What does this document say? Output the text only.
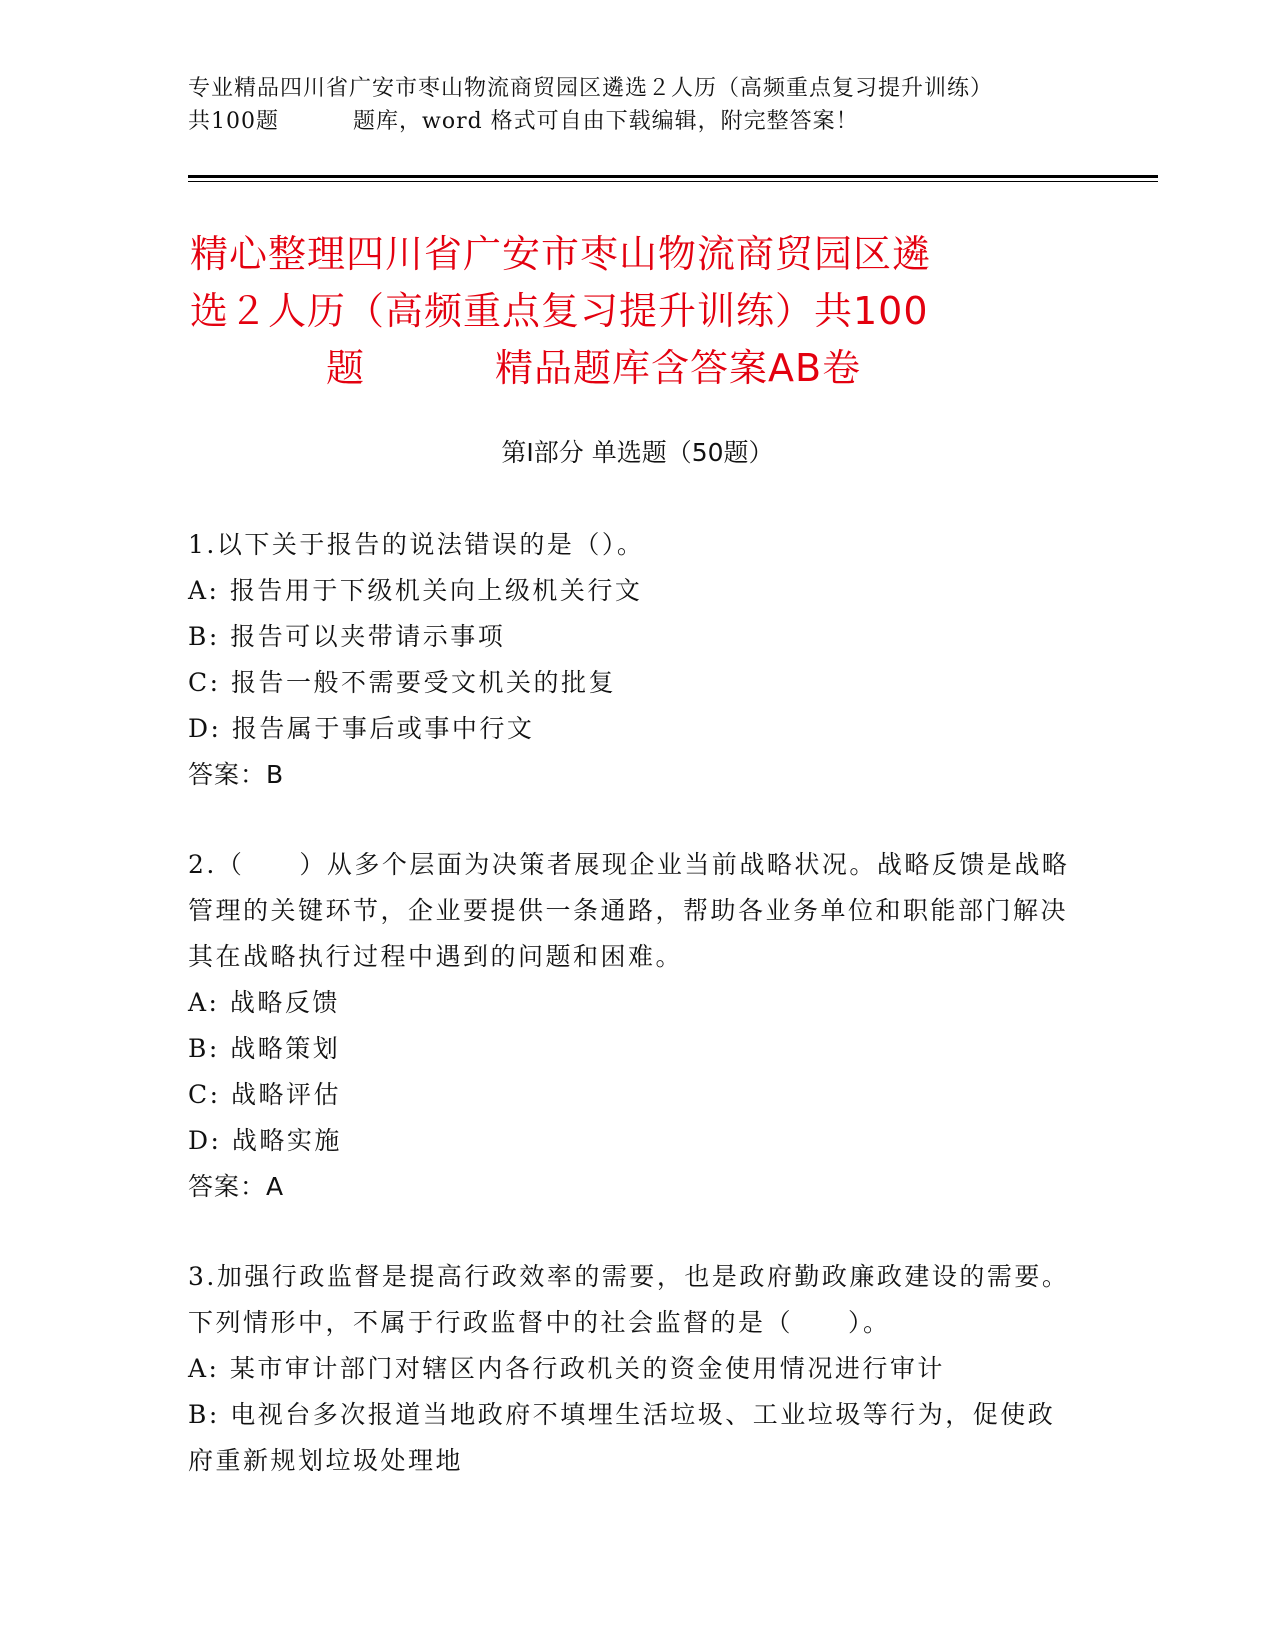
专业精品四川省广安市枣山物流商贸园区遴选２人历（高频重点复习提升训练）
共100题	题库，word 格式可自由下载编辑，附完整答案！
精心整理四川省广安市枣山物流商贸园区遴
选２人历（高频重点复习提升训练）共100
题	精品题库含答案AB卷
第Ⅰ部分 单选题（50题）
1.以下关于报告的说法错误的是（）。
A: 报告用于下级机关向上级机关行文
B: 报告可以夹带请示事项
C: 报告一般不需要受文机关的批复
D: 报告属于事后或事中行文
答案：B
2.（　　）从多个层面为决策者展现企业当前战略状况。战略反馈是战略管理的关键环节，企业要提供一条通路，帮助各业务单位和职能部门解决其在战略执行过程中遇到的问题和困难。
A: 战略反馈
B: 战略策划
C: 战略评估
D: 战略实施
答案：A
3.加强行政监督是提高行政效率的需要，也是政府勤政廉政建设的需要。下列情形中，不属于行政监督中的社会监督的是（　　）。
A: 某市审计部门对辖区内各行政机关的资金使用情况进行审计
B: 电视台多次报道当地政府不填埋生活垃圾、工业垃圾等行为，促使政府重新规划垃圾处理地
